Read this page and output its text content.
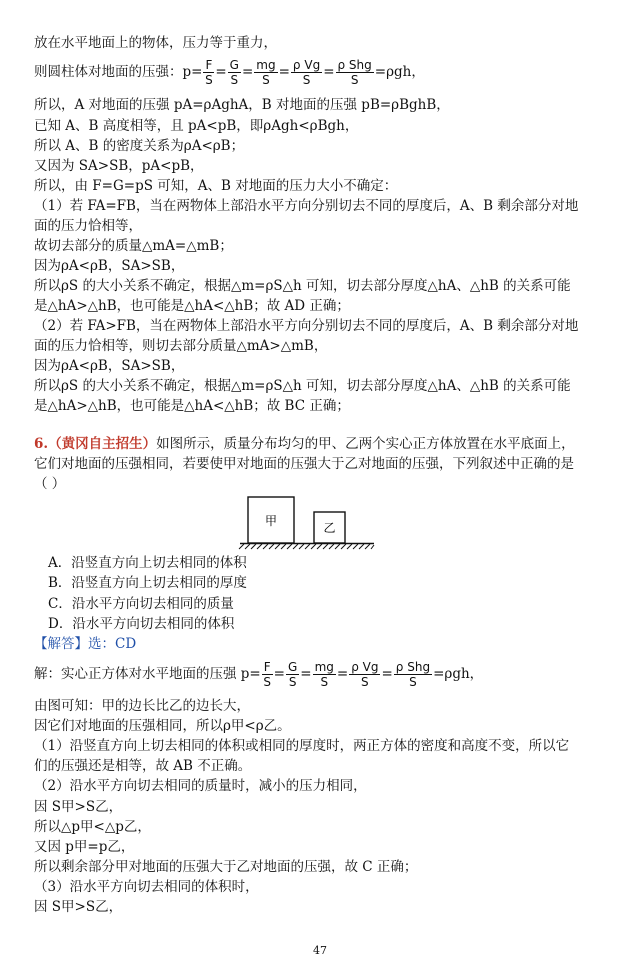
放在水平地面上的物体，压力等于重力，
则圆柱体对地面的压强：$p= \frac{F}{S} = \frac{G}{S} = \frac{mg}{S} = \frac{\text{ρ Vg}}{S} = \frac{\text{ρ Shg}}{S} =\rho gh$，
所以，A 对地面的压强 pA=ρAghA，B 对地面的压强 pB=ρBghB，
已知 A、B 高度相等，且 pA<pB，即ρAgh<ρBgh，
所以 A、B 的密度关系为ρA<ρB；
又因为 SA>SB，pA<pB，
所以，由 F=G=pS 可知，A、B 对地面的压力大小不确定：
（1）若 FA=FB，当在两物体上部沿水平方向分别切去不同的厚度后，A、B 剩余部分对地
面的压力恰相等，
故切去部分的质量△mA=△mB；
因为ρA<ρB，SA>SB，
所以ρS 的大小关系不确定，根据△m=ρS△h 可知，切去部分厚度△hA、△hB 的关系可能
是△hA>△hB，也可能是△hA<△hB；故 AD 正确；
（2）若 FA>FB，当在两物体上部沿水平方向分别切去不同的厚度后，A、B 剩余部分对地
面的压力恰相等，则切去部分质量△mA>△mB，
因为ρA<ρB，SA>SB，
所以ρS 的大小关系不确定，根据△m=ρS△h 可知，切去部分厚度△hA、△hB 的关系可能
是△hA>△hB，也可能是△hA<△hB；故 BC 正确；
6.（黄冈自主招生）如图所示，质量分布均匀的甲、乙两个实心正方体放置在水平底面上，
它们对地面的压强相同，若要使甲对地面的压强大于乙对地面的压强，下列叙述中正确的是
（ ）
甲	乙
A．沿竖直方向上切去相同的体积
B．沿竖直方向上切去相同的厚度
C．沿水平方向切去相同的质量
D．沿水平方向切去相同的体积
【解答】选：CD
解：实心正方体对水平地面的压强 $p= \frac{F}{S} = \frac{G}{S} = \frac{mg}{S} = \frac{\text{ρ Vg}}{S} = \frac{\text{ρ Shg}}{S} =\rho gh$，
由图可知：甲的边长比乙的边长大，
因它们对地面的压强相同，所以ρ甲<ρ乙。
（1）沿竖直方向上切去相同的体积或相同的厚度时，两正方体的密度和高度不变，所以它
们的压强还是相等，故 AB 不正确。
（2）沿水平方向切去相同的质量时，减小的压力相同，
因 S甲>S乙，
所以△p甲<△p乙，
又因 p甲=p乙，
所以剩余部分甲对地面的压强大于乙对地面的压强，故 C 正确；
（3）沿水平方向切去相同的体积时，
因 S甲>S乙，
47
